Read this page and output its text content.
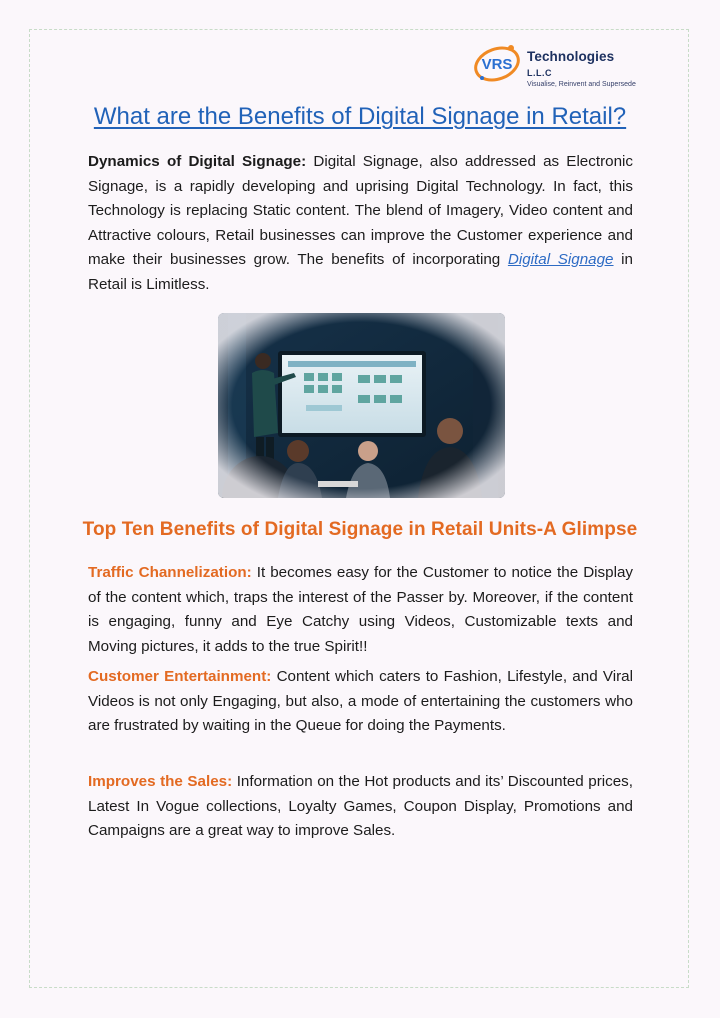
VRS Technologies L.L.C
Visualise, Reinvent and Supersede
What are the Benefits of Digital Signage in Retail?

Dynamics of Digital Signage: Digital Signage, also addressed as Electronic Signage, is a rapidly developing and uprising Digital Technology. In fact, this Technology is replacing Static content. The blend of Imagery, Video content and Attractive colours, Retail businesses can improve the Customer experience and make their businesses grow. The benefits of incorporating Digital Signage in Retail is Limitless.

Top Ten Benefits of Digital Signage in Retail Units-A Glimpse

Traffic Channelization: It becomes easy for the Customer to notice the Display of the content which, traps the interest of the Passer by. Moreover, if the content is engaging, funny and Eye Catchy using Videos, Customizable texts and Moving pictures, it adds to the true Spirit!!

Customer Entertainment: Content which caters to Fashion, Lifestyle, and Viral Videos is not only Engaging, but also, a mode of entertaining the customers who are frustrated by waiting in the Queue for doing the Payments.

Improves the Sales: Information on the Hot products and its’ Discounted prices, Latest In Vogue collections, Loyalty Games, Coupon Display, Promotions and Campaigns are a great way to improve Sales.
